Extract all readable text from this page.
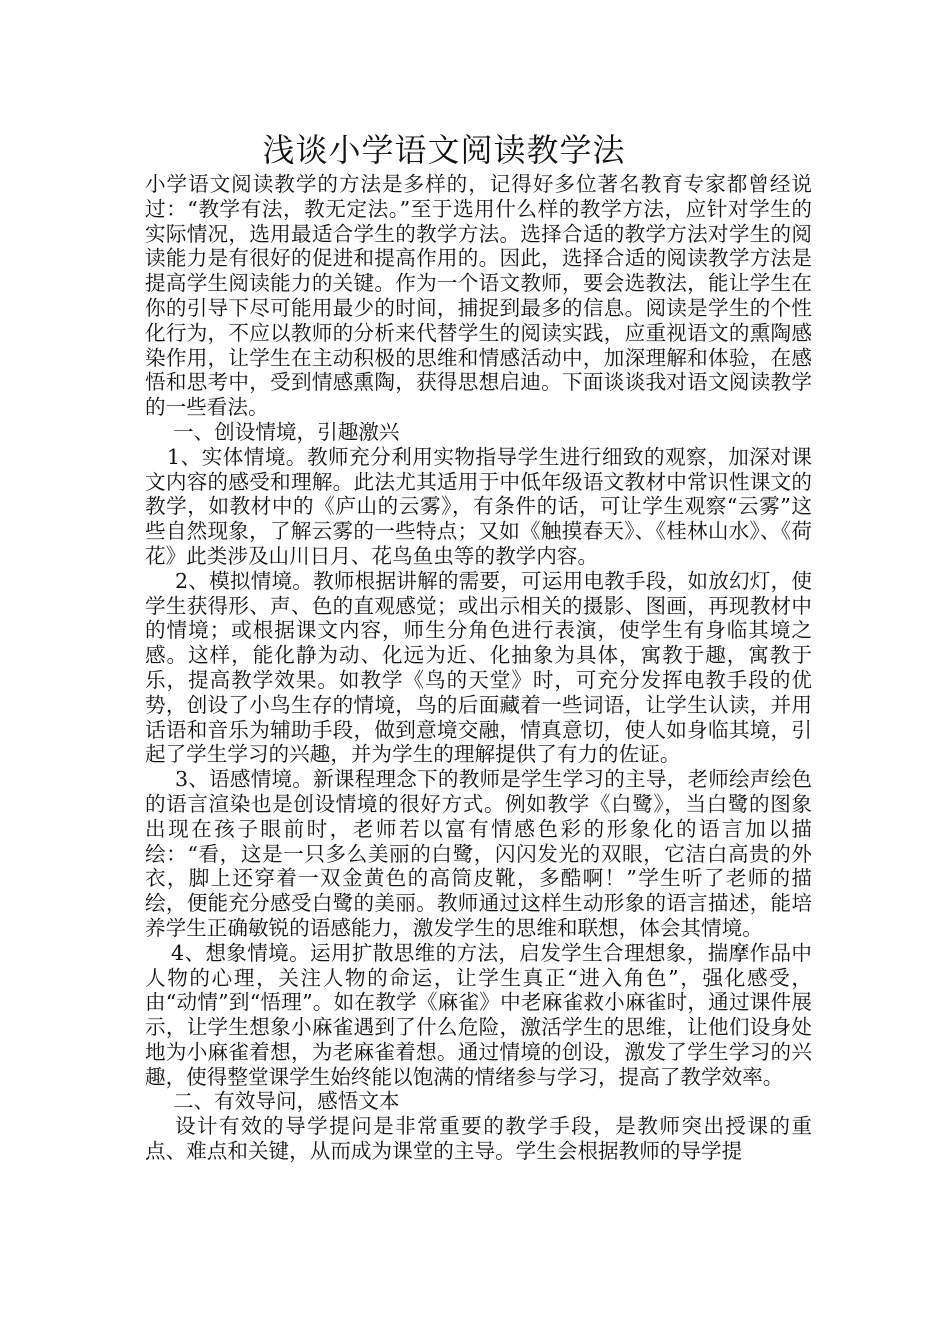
浅谈小学语文阅读教学法

小学语文阅读教学的方法是多样的，记得好多位著名教育专家都曾经说过：“教学有法，教无定法。”至于选用什么样的教学方法，应针对学生的实际情况，选用最适合学生的教学方法。选择合适的教学方法对学生的阅读能力是有很好的促进和提高作用的。因此，选择合适的阅读教学方法是提高学生阅读能力的关键。作为一个语文教师，要会选教法，能让学生在你的引导下尽可能用最少的时间，捕捉到最多的信息。阅读是学生的个性化行为，不应以教师的分析来代替学生的阅读实践，应重视语文的熏陶感染作用，让学生在主动积极的思维和情感活动中，加深理解和体验，在感悟和思考中，受到情感熏陶，获得思想启迪。下面谈谈我对语文阅读教学的一些看法。

一、创设情境，引趣激兴

1、实体情境。教师充分利用实物指导学生进行细致的观察，加深对课文内容的感受和理解。此法尤其适用于中低年级语文教材中常识性课文的教学，如教材中的《庐山的云雾》，有条件的话，可让学生观察“云雾”这些自然现象，了解云雾的一些特点；又如《触摸春天》、《桂林山水》、《荷花》此类涉及山川日月、花鸟鱼虫等的教学内容。

2、模拟情境。教师根据讲解的需要，可运用电教手段，如放幻灯，使学生获得形、声、色的直观感觉；或出示相关的摄影、图画，再现教材中的情境；或根据课文内容，师生分角色进行表演，使学生有身临其境之感。这样，能化静为动、化远为近、化抽象为具体，寓教于趣，寓教于乐，提高教学效果。如教学《鸟的天堂》时，可充分发挥电教手段的优势，创设了小鸟生存的情境，鸟的后面藏着一些词语，让学生认读，并用话语和音乐为辅助手段，做到意境交融，情真意切，使人如身临其境，引起了学生学习的兴趣，并为学生的理解提供了有力的佐证。

3、语感情境。新课程理念下的教师是学生学习的主导，老师绘声绘色的语言渲染也是创设情境的很好方式。例如教学《白鹭》，当白鹭的图象出现在孩子眼前时，老师若以富有情感色彩的形象化的语言加以描绘：“看，这是一只多么美丽的白鹭，闪闪发光的双眼，它洁白高贵的外衣，脚上还穿着一双金黄色的高筒皮靴，多酷啊！”学生听了老师的描绘，便能充分感受白鹭的美丽。教师通过这样生动形象的语言描述，能培养学生正确敏锐的语感能力，激发学生的思维和联想，体会其情境。

4、想象情境。运用扩散思维的方法，启发学生合理想象，揣摩作品中人物的心理，关注人物的命运，让学生真正“进入角色”，强化感受，由“动情”到“悟理”。如在教学《麻雀》中老麻雀救小麻雀时，通过课件展示，让学生想象小麻雀遇到了什么危险，激活学生的思维，让他们设身处地为小麻雀着想，为老麻雀着想。通过情境的创设，激发了学生学习的兴趣，使得整堂课学生始终能以饱满的情绪参与学习，提高了教学效率。

二、有效导问，感悟文本

设计有效的导学提问是非常重要的教学手段，是教师突出授课的重点、难点和关键，从而成为课堂的主导。学生会根据教师的导学提
